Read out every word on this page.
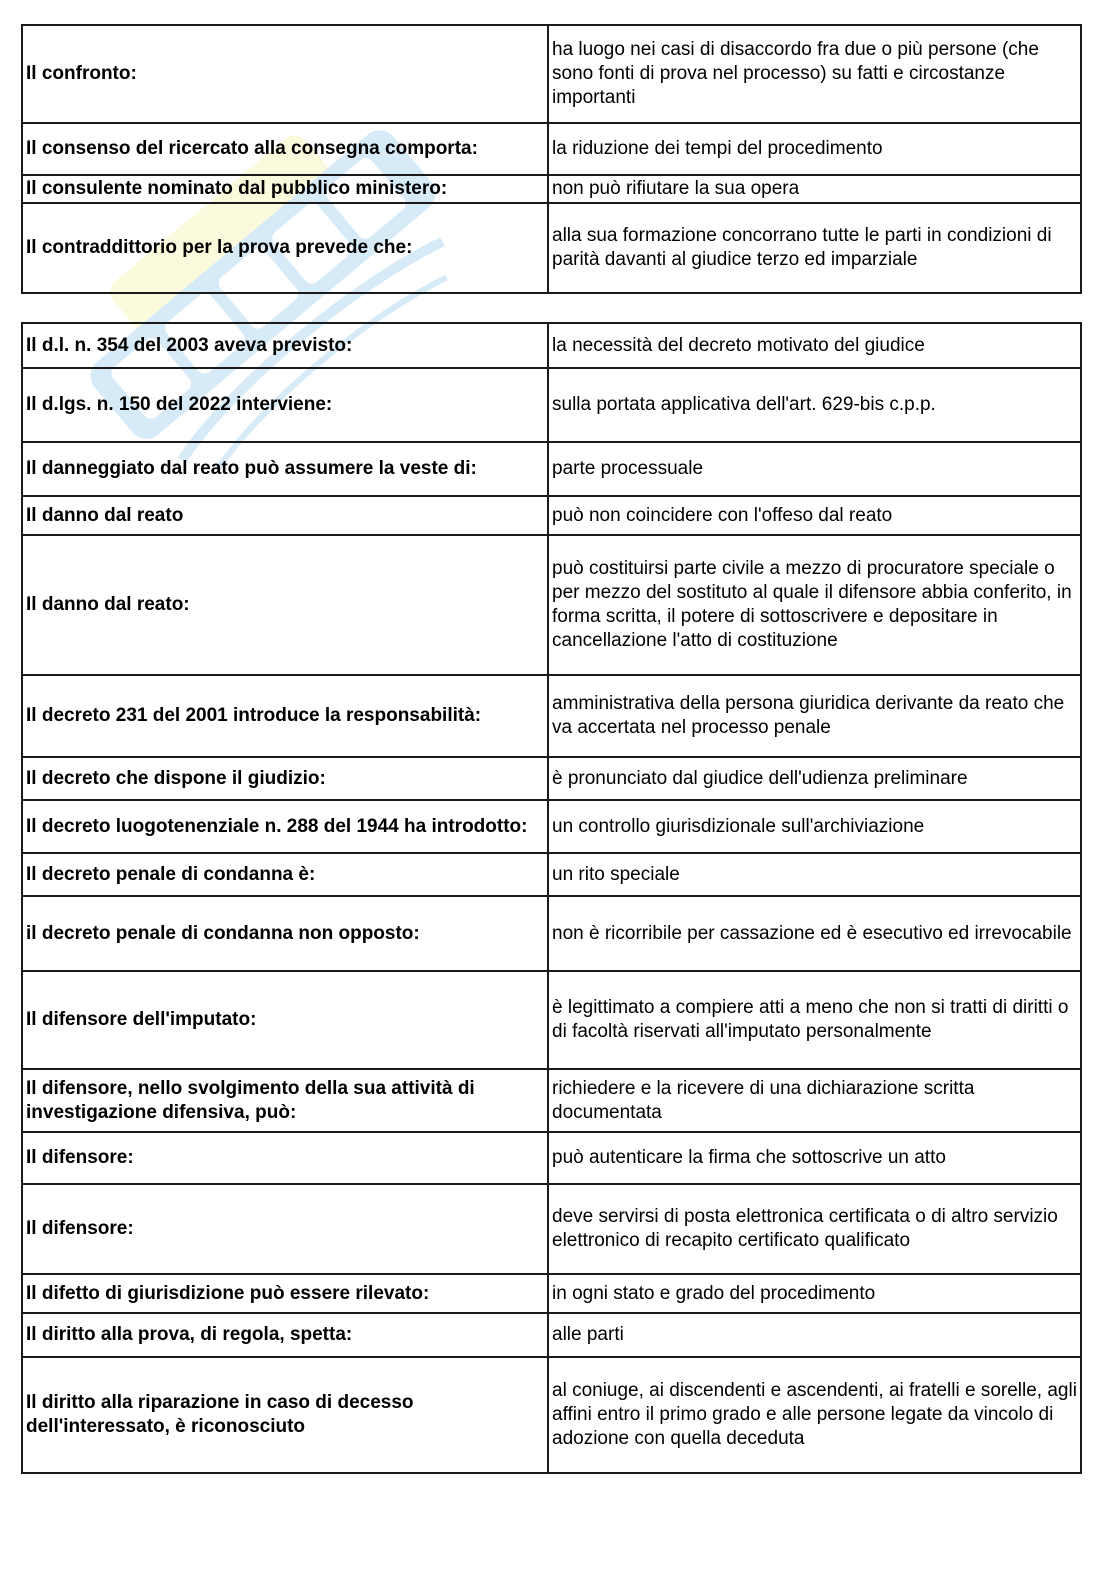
Il confronto:	ha luogo nei casi di disaccordo fra due o più persone (che sono fonti di prova nel processo) su fatti e circostanze importanti
Il consenso del ricercato alla consegna comporta:	la riduzione dei tempi del procedimento
Il consulente nominato dal pubblico ministero:	non può rifiutare la sua opera
Il contraddittorio per la prova prevede che:	alla sua formazione concorrano tutte le parti in condizioni di parità davanti al giudice terzo ed imparziale
Il d.l. n. 354 del 2003 aveva previsto:	la necessità del decreto motivato del giudice
Il d.lgs. n. 150 del 2022 interviene:	sulla portata applicativa dell'art. 629-bis c.p.p.
Il danneggiato dal reato può assumere la veste di:	parte processuale
Il danno dal reato	può non coincidere con l'offeso dal reato
Il danno dal reato:	può costituirsi parte civile a mezzo di procuratore speciale o per mezzo del sostituto al quale il difensore abbia conferito, in forma scritta, il potere di sottoscrivere e depositare in cancellazione l'atto di costituzione
Il decreto 231 del 2001 introduce la responsabilità:	amministrativa della persona giuridica derivante da reato che va accertata nel processo penale
Il decreto che dispone il giudizio:	è pronunciato dal giudice dell'udienza preliminare
Il decreto luogotenenziale n. 288 del 1944 ha introdotto:	un controllo giurisdizionale sull'archiviazione
Il decreto penale di condanna è:	un rito speciale
il decreto penale di condanna non opposto:	non è ricorribile per cassazione ed è esecutivo ed irrevocabile
Il difensore dell'imputato:	è legittimato a compiere atti a meno che non si tratti di diritti o di facoltà riservati all'imputato personalmente
Il difensore, nello svolgimento della sua attività di investigazione difensiva, può:	richiedere e la ricevere di una dichiarazione scritta documentata
Il difensore:	può autenticare la firma che sottoscrive un atto
Il difensore:	deve servirsi di posta elettronica certificata o di altro servizio elettronico di recapito certificato qualificato
Il difetto di giurisdizione può essere rilevato:	in ogni stato e grado del procedimento
Il diritto alla prova, di regola, spetta:	alle parti
Il diritto alla riparazione in caso di decesso dell'interessato, è riconosciuto	al coniuge, ai discendenti e ascendenti, ai fratelli e sorelle, agli affini entro il primo grado e alle persone legate da vincolo di adozione con quella deceduta
